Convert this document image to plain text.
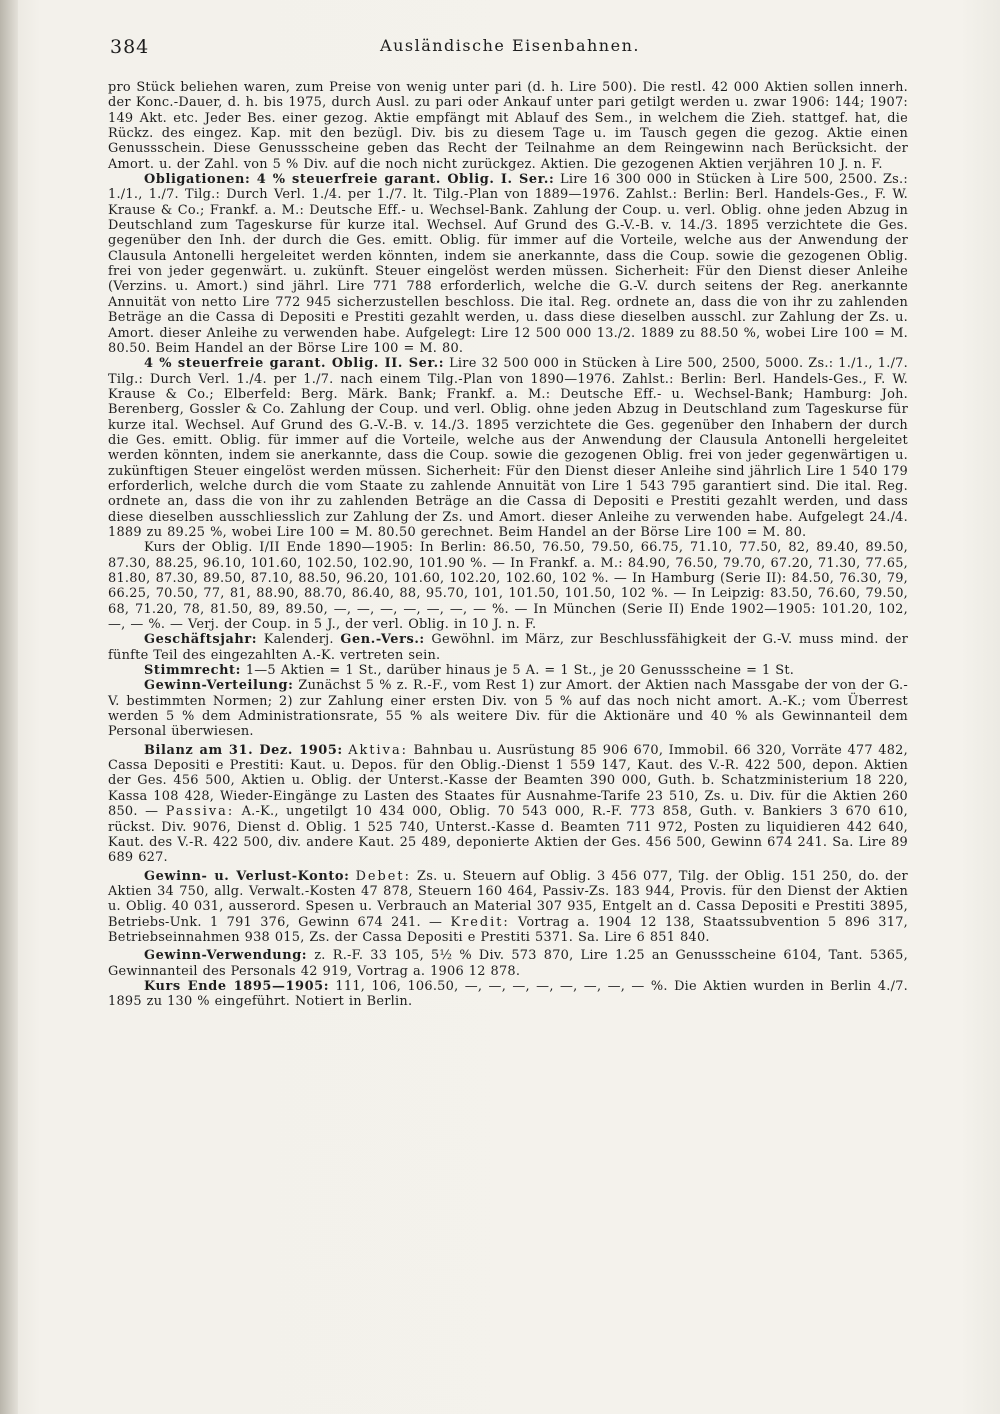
384	Ausländische Eisenbahnen.

pro Stück beliehen waren, zum Preise von wenig unter pari (d. h. Lire 500). Die restl. 42 000 Aktien sollen innerh. der Konc.-Dauer, d. h. bis 1975, durch Ausl. zu pari oder Ankauf unter pari getilgt werden u. zwar 1906: 144; 1907: 149 Akt. etc. Jeder Bes. einer gezog. Aktie empfängt mit Ablauf des Sem., in welchem die Zieh. stattgef. hat, die Rückz. des eingez. Kap. mit den bezügl. Div. bis zu diesem Tage u. im Tausch gegen die gezog. Aktie einen Genussschein. Diese Genussscheine geben das Recht der Teilnahme an dem Reingewinn nach Berücksicht. der Amort. u. der Zahl. von 5 % Div. auf die noch nicht zurückgez. Aktien. Die gezogenen Aktien verjähren 10 J. n. F.

Obligationen: 4 % steuerfreie garant. Oblig. I. Ser.: Lire 16 300 000 in Stücken à Lire 500, 2500. Zs.: 1./1., 1./7. Tilg.: Durch Verl. 1./4. per 1./7. lt. Tilg.-Plan von 1889—1976. Zahlst.: Berlin: Berl. Handels-Ges., F. W. Krause & Co.; Frankf. a. M.: Deutsche Eff.- u. Wechsel-Bank. Zahlung der Coup. u. verl. Oblig. ohne jeden Abzug in Deutschland zum Tageskurse für kurze ital. Wechsel. Auf Grund des G.-V.-B. v. 14./3. 1895 verzichtete die Ges. gegenüber den Inh. der durch die Ges. emitt. Oblig. für immer auf die Vorteile, welche aus der Anwendung der Clausula Antonelli hergeleitet werden könnten, indem sie anerkannte, dass die Coup. sowie die gezogenen Oblig. frei von jeder gegenwärt. u. zukünft. Steuer eingelöst werden müssen. Sicherheit: Für den Dienst dieser Anleihe (Verzins. u. Amort.) sind jährl. Lire 771 788 erforderlich, welche die G.-V. durch seitens der Reg. anerkannte Annuität von netto Lire 772 945 sicherzustellen beschloss. Die ital. Reg. ordnete an, dass die von ihr zu zahlenden Beträge an die Cassa di Depositi e Prestiti gezahlt werden, u. dass diese dieselben ausschl. zur Zahlung der Zs. u. Amort. dieser Anleihe zu verwenden habe. Aufgelegt: Lire 12 500 000 13./2. 1889 zu 88.50 %, wobei Lire 100 = M. 80.50. Beim Handel an der Börse Lire 100 = M. 80.

4 % steuerfreie garant. Oblig. II. Ser.: Lire 32 500 000 in Stücken à Lire 500, 2500, 5000. Zs.: 1./1., 1./7. Tilg.: Durch Verl. 1./4. per 1./7. nach einem Tilg.-Plan von 1890—1976. Zahlst.: Berlin: Berl. Handels-Ges., F. W. Krause & Co.; Elberfeld: Berg. Märk. Bank; Frankf. a. M.: Deutsche Eff.- u. Wechsel-Bank; Hamburg: Joh. Berenberg, Gossler & Co. Zahlung der Coup. und verl. Oblig. ohne jeden Abzug in Deutschland zum Tageskurse für kurze ital. Wechsel. Auf Grund des G.-V.-B. v. 14./3. 1895 verzichtete die Ges. gegenüber den Inhabern der durch die Ges. emitt. Oblig. für immer auf die Vorteile, welche aus der Anwendung der Clausula Antonelli hergeleitet werden könnten, indem sie anerkannte, dass die Coup. sowie die gezogenen Oblig. frei von jeder gegenwärtigen u. zukünftigen Steuer eingelöst werden müssen. Sicherheit: Für den Dienst dieser Anleihe sind jährlich Lire 1 540 179 erforderlich, welche durch die vom Staate zu zahlende Annuität von Lire 1 543 795 garantiert sind. Die ital. Reg. ordnete an, dass die von ihr zu zahlenden Beträge an die Cassa di Depositi e Prestiti gezahlt werden, und dass diese dieselben ausschliesslich zur Zahlung der Zs. und Amort. dieser Anleihe zu verwenden habe. Aufgelegt 24./4. 1889 zu 89.25 %, wobei Lire 100 = M. 80.50 gerechnet. Beim Handel an der Börse Lire 100 = M. 80.

Kurs der Oblig. I/II Ende 1890—1905: In Berlin: 86.50, 76.50, 79.50, 66.75, 71.10, 77.50, 82, 89.40, 89.50, 87.30, 88.25, 96.10, 101.60, 102.50, 102.90, 101.90 %. — In Frankf. a. M.: 84.90, 76.50, 79.70, 67.20, 71.30, 77.65, 81.80, 87.30, 89.50, 87.10, 88.50, 96.20, 101.60, 102.20, 102.60, 102 %. — In Hamburg (Serie II): 84.50, 76.30, 79, 66.25, 70.50, 77, 81, 88.90, 88.70, 86.40, 88, 95.70, 101, 101.50, 101.50, 102 %. — In Leipzig: 83.50, 76.60, 79.50, 68, 71.20, 78, 81.50, 89, 89.50, —, —, —, —, —, —, — %. — In München (Serie II) Ende 1902—1905: 101.20, 102, —, — %. — Verj. der Coup. in 5 J., der verl. Oblig. in 10 J. n. F.

Geschäftsjahr: Kalenderj. Gen.-Vers.: Gewöhnl. im März, zur Beschlussfähigkeit der G.-V. muss mind. der fünfte Teil des eingezahlten A.-K. vertreten sein.

Stimmrecht: 1—5 Aktien = 1 St., darüber hinaus je 5 A. = 1 St., je 20 Genussscheine = 1 St.

Gewinn-Verteilung: Zunächst 5 % z. R.-F., vom Rest 1) zur Amort. der Aktien nach Massgabe der von der G.-V. bestimmten Normen; 2) zur Zahlung einer ersten Div. von 5 % auf das noch nicht amort. A.-K.; vom Überrest werden 5 % dem Administrationsrate, 55 % als weitere Div. für die Aktionäre und 40 % als Gewinnanteil dem Personal überwiesen.

Bilanz am 31. Dez. 1905: Aktiva: Bahnbau u. Ausrüstung 85 906 670, Immobil. 66 320, Vorräte 477 482, Cassa Depositi e Prestiti: Kaut. u. Depos. für den Oblig.-Dienst 1 559 147, Kaut. des V.-R. 422 500, depon. Aktien der Ges. 456 500, Aktien u. Oblig. der Unterst.-Kasse der Beamten 390 000, Guth. b. Schatzministerium 18 220, Kassa 108 428, Wieder-Eingänge zu Lasten des Staates für Ausnahme-Tarife 23 510, Zs. u. Div. für die Aktien 260 850. — Passiva: A.-K., ungetilgt 10 434 000, Oblig. 70 543 000, R.-F. 773 858, Guth. v. Bankiers 3 670 610, rückst. Div. 9076, Dienst d. Oblig. 1 525 740, Unterst.-Kasse d. Beamten 711 972, Posten zu liquidieren 442 640, Kaut. des V.-R. 422 500, div. andere Kaut. 25 489, deponierte Aktien der Ges. 456 500, Gewinn 674 241. Sa. Lire 89 689 627.

Gewinn- u. Verlust-Konto: Debet: Zs. u. Steuern auf Oblig. 3 456 077, Tilg. der Oblig. 151 250, do. der Aktien 34 750, allg. Verwalt.-Kosten 47 878, Steuern 160 464, Passiv-Zs. 183 944, Provis. für den Dienst der Aktien u. Oblig. 40 031, ausserord. Spesen u. Verbrauch an Material 307 935, Entgelt an d. Cassa Depositi e Prestiti 3895, Betriebs-Unk. 1 791 376, Gewinn 674 241. — Kredit: Vortrag a. 1904 12 138, Staatssubvention 5 896 317, Betriebseinnahmen 938 015, Zs. der Cassa Depositi e Prestiti 5371. Sa. Lire 6 851 840.

Gewinn-Verwendung: z. R.-F. 33 105, 5½ % Div. 573 870, Lire 1.25 an Genussscheine 6104, Tant. 5365, Gewinnanteil des Personals 42 919, Vortrag a. 1906 12 878.

Kurs Ende 1895—1905: 111, 106, 106.50, —, —, —, —, —, —, —, — %. Die Aktien wurden in Berlin 4./7. 1895 zu 130 % eingeführt. Notiert in Berlin.
